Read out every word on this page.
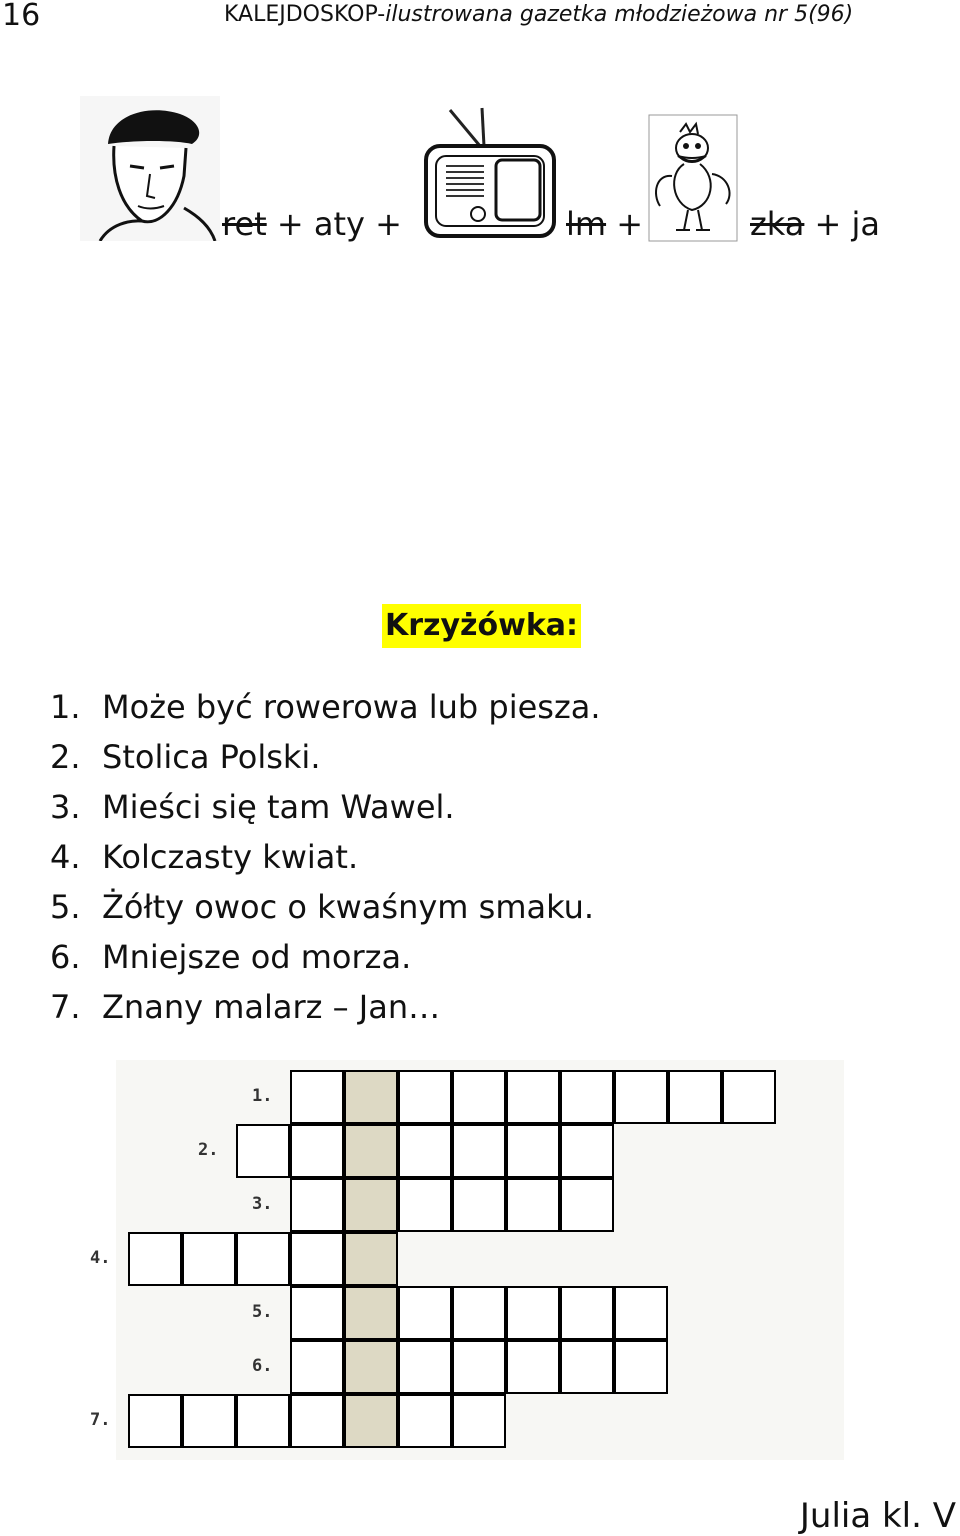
16	KALEJDOSKOP-ilustrowana gazetka młodzieżowa nr 5(96)
ret + aty +	lm +	zka + ja
Krzyżówka:
1. Może być rowerowa lub piesza.
2. Stolica Polski.
3. Mieści się tam Wawel.
4. Kolczasty kwiat.
5. Żółty owoc o kwaśnym smaku.
6. Mniejsze od morza.
7. Znany malarz – Jan…
1.
2.
3.
4.
5.
6.
7.
Julia kl. V
